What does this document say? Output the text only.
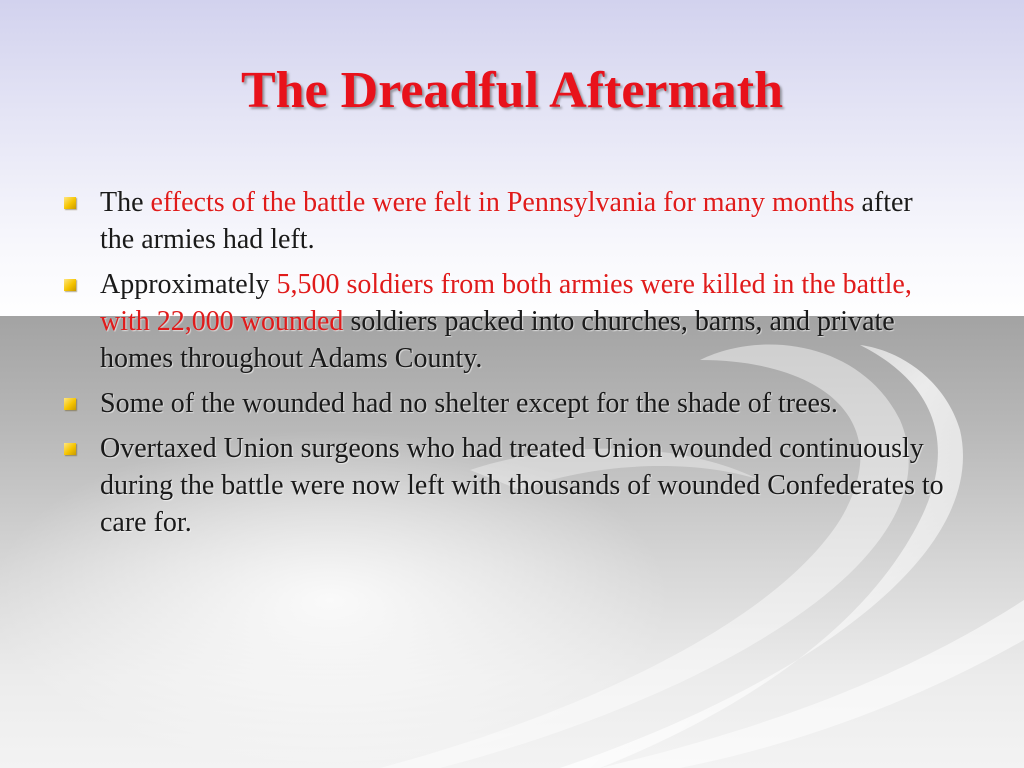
The Dreadful Aftermath
The effects of the battle were felt in Pennsylvania for many months after the armies had left.
Approximately 5,500 soldiers from both armies were killed in the battle, with 22,000 wounded soldiers packed into churches, barns, and private homes throughout Adams County.
Some of the wounded had no shelter except for the shade of trees.
Overtaxed Union surgeons who had treated Union wounded continuously during the battle were now left with thousands of wounded Confederates to care for.
